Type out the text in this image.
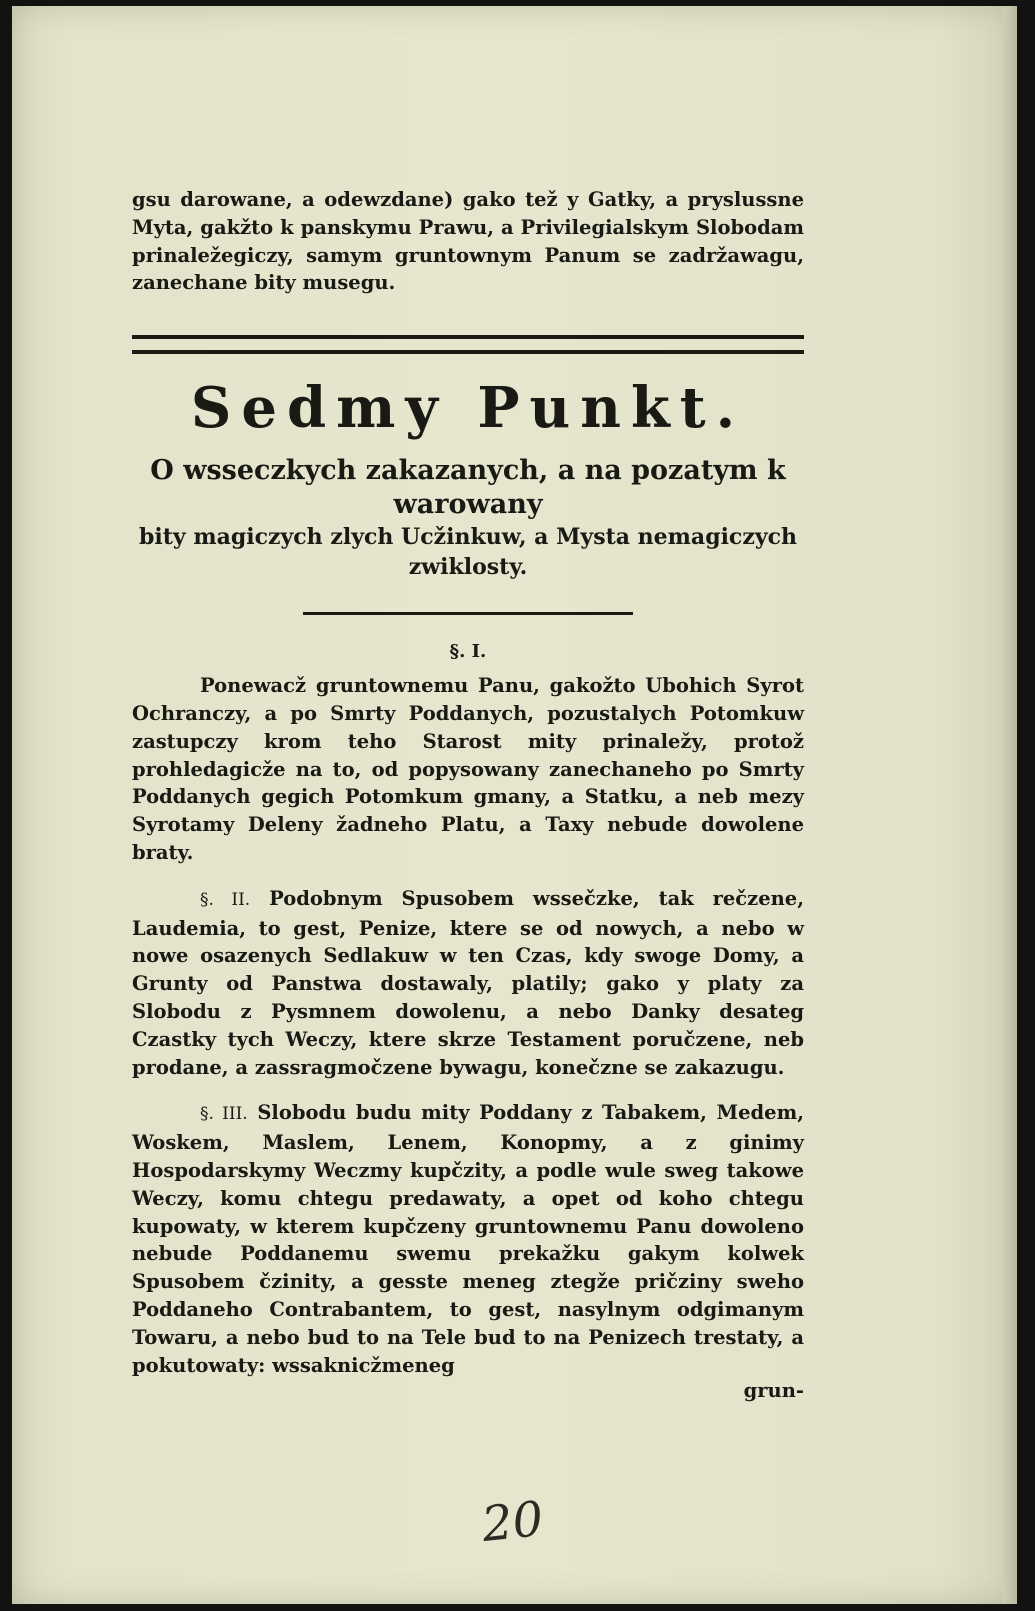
gsu darowane, a odewzdane) gako tež y Gatky, a pryslussne Myta, gakžto k panskymu Prawu, a Privilegialskym Slobodam prinaležegiczy, samym gruntownym Panum se zadržawagu, zanechane bity musegu.

Sedmy Punkt.
O wsseczkych zakazanych, a na pozatym k warowany
bity magiczych zlych Ucžinkuw, a Mysta nemagiczych zwiklosty.
§. I.

Ponewacž gruntownemu Panu, gakožto Ubohich Syrot Ochranczy, a po Smrty Poddanych, pozustalych Potomkuw zastupczy krom teho Starost mity prinaležy, protož prohledagicže na to, od popysowany zanechaneho po Smrty Poddanych gegich Potomkum gmany, a Statku, a neb mezy Syrotamy Deleny žadneho Platu, a Taxy nebude dowolene braty.

§. II. Podobnym Spusobem wssečzke, tak rečzene, Laudemia, to gest, Penize, ktere se od nowych, a nebo w nowe osazenych Sedlakuw w ten Czas, kdy swoge Domy, a Grunty od Panstwa dostawaly, platily; gako y platy za Slobodu z Pysmnem dowolenu, a nebo Danky desateg Czastky tych Weczy, ktere skrze Testament poručzene, neb prodane, a zassragmočzene bywagu, konečzne se zakazugu.

§. III. Slobodu budu mity Poddany z Tabakem, Medem, Woskem, Maslem, Lenem, Konopmy, a z ginimy Hospodarskymy Weczmy kupčzity, a podle wule sweg takowe Weczy, komu chtegu predawaty, a opet od koho chtegu kupowaty, w kterem kupčzeny gruntownemu Panu dowoleno nebude Poddanemu swemu prekažku gakym kolwek Spusobem čzinity, a gesste meneg ztegže pričziny sweho Poddaneho Contrabantem, to gest, nasylnym odgimanym Towaru, a nebo bud to na Tele bud to na Penizech trestaty, a pokutowaty: wssaknicžmeneg

grun-

20
